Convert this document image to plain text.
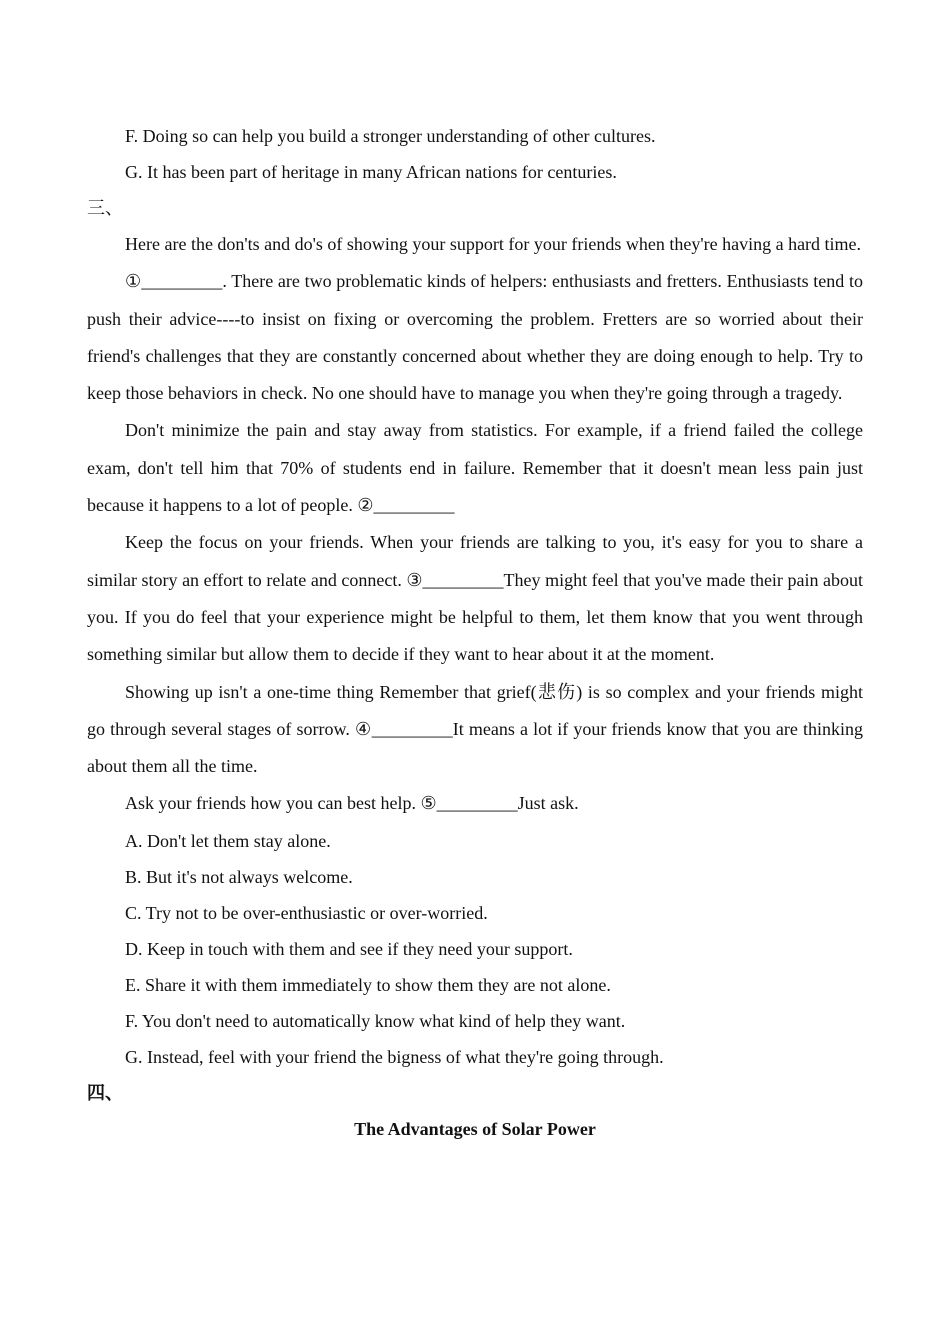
F. Doing so can help you build a stronger understanding of other cultures.

G. It has been part of heritage in many African nations for centuries.

三、

Here are the don'ts and do's of showing your support for your friends when they're having a hard time.

①_________. There are two problematic kinds of helpers: enthusiasts and fretters. Enthusiasts tend to push their advice----to insist on fixing or overcoming the problem. Fretters are so worried about their friend's challenges that they are constantly concerned about whether they are doing enough to help. Try to keep those behaviors in check. No one should have to manage you when they're going through a tragedy.

Don't minimize the pain and stay away from statistics. For example, if a friend failed the college exam, don't tell him that 70% of students end in failure. Remember that it doesn't mean less pain just because it happens to a lot of people. ②_________

Keep the focus on your friends. When your friends are talking to you, it's easy for you to share a similar story an effort to relate and connect. ③_________They might feel that you've made their pain about you. If you do feel that your experience might be helpful to them, let them know that you went through something similar but allow them to decide if they want to hear about it at the moment.

Showing up isn't a one-time thing Remember that grief(悲伤) is so complex and your friends might go through several stages of sorrow. ④_________It means a lot if your friends know that you are thinking about them all the time.

Ask your friends how you can best help. ⑤_________Just ask.

A. Don't let them stay alone.

B. But it's not always welcome.

C. Try not to be over-enthusiastic or over-worried.

D. Keep in touch with them and see if they need your support.

E. Share it with them immediately to show them they are not alone.

F. You don't need to automatically know what kind of help they want.

G. Instead, feel with your friend the bigness of what they're going through.

四、

The Advantages of Solar Power
